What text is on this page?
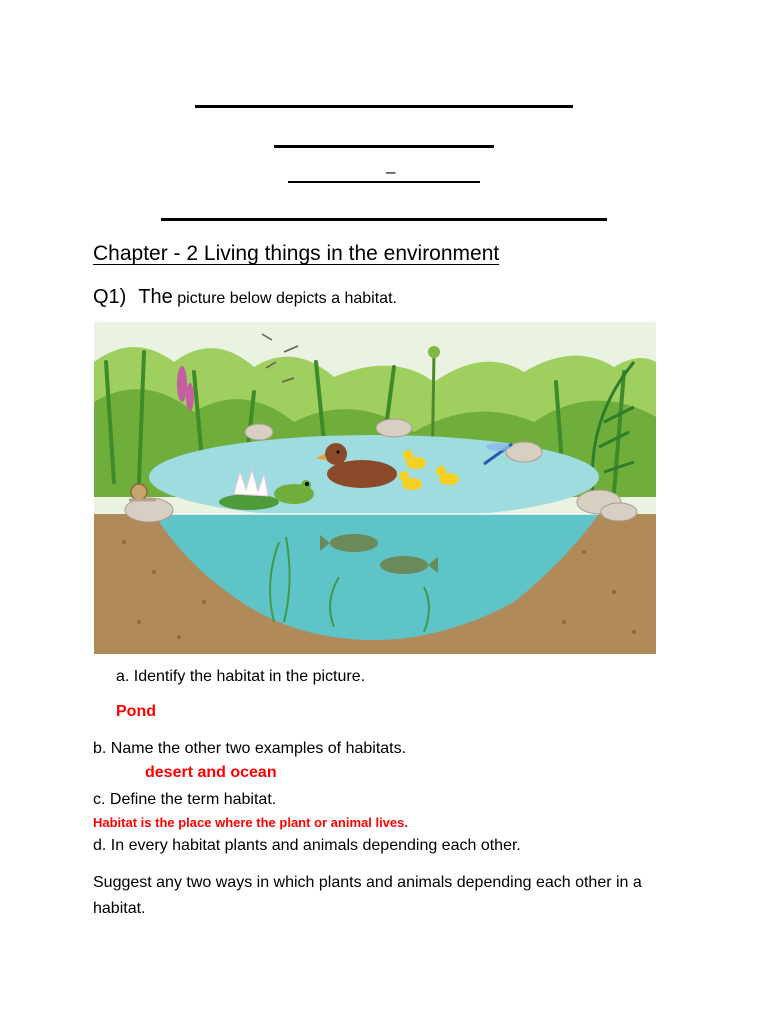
–
Chapter - 2 Living things in the environment
Q1) The picture below depicts a habitat.
a. Identify the habitat in the picture.
Pond
b. Name the other two examples of habitats.
desert and ocean
c. Define the term habitat.
Habitat is the place where the plant or animal lives.
d. In every habitat plants and animals depending each other.
Suggest any two ways in which plants and animals depending each other in a habitat.
